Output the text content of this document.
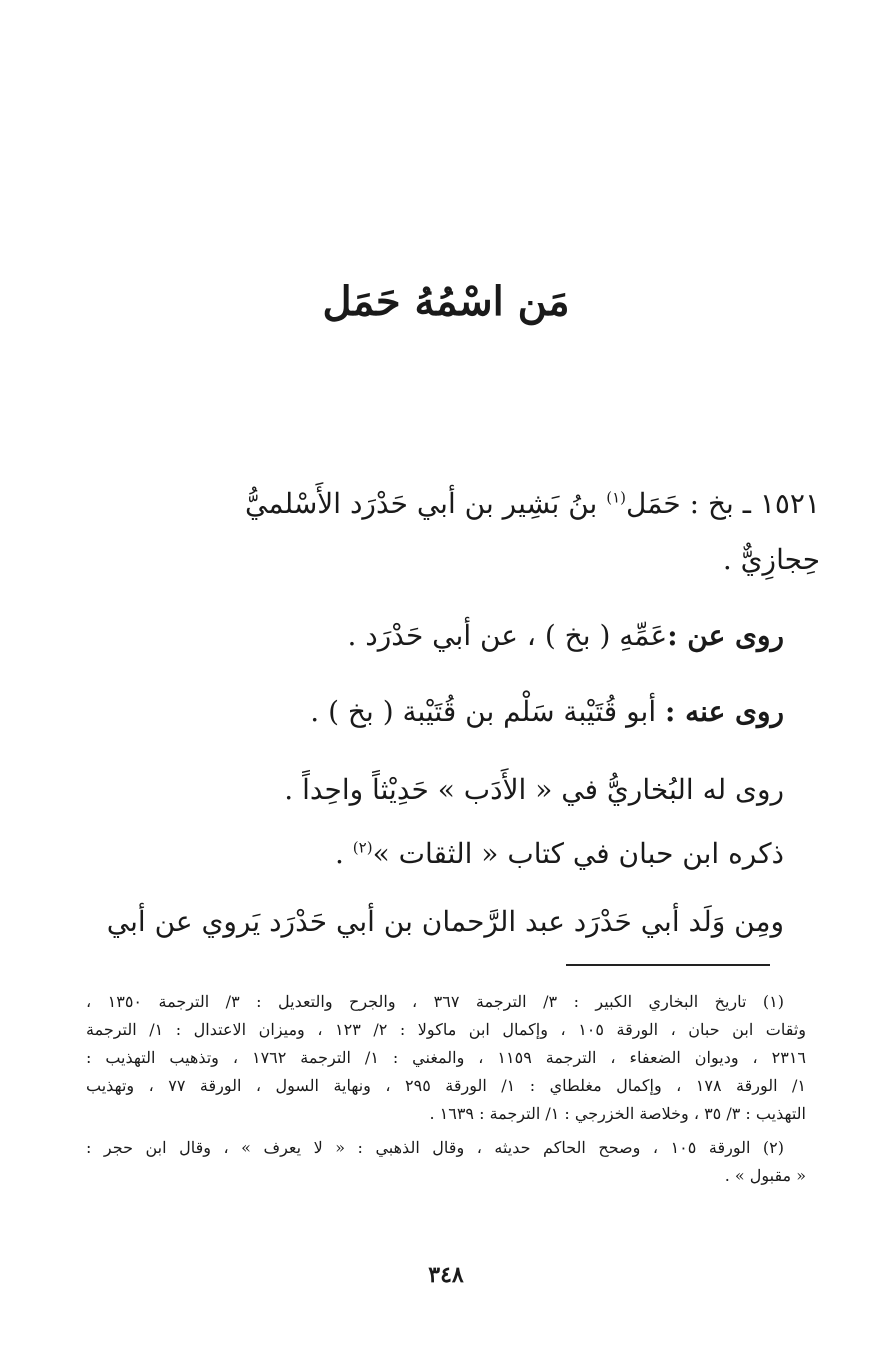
مَن اسْمُهُ حَمَل
١٥٢١ ـ بخ : حَمَل$^{(١)}$ بنُ بَشِير بن أبي حَدْرَد الأَسْلميُّ
حِجازِيٌّ .
روى عن :عَمِّهِ ( بخ ) ، عن أبي حَدْرَد .
روى عنه : أبو قُتَيْبة سَلْم بن قُتَيْبة ( بخ ) .
روى له البُخاريُّ في « الأَدَب » حَدِيْثاً واحِداً .
ذكره ابن حبان في كتاب « الثقات »$^{(٢)}$ .
ومِن وَلَد أبي حَدْرَد عبد الرَّحمان بن أبي حَدْرَد يَروي عن أبي
(١) تاريخ البخاري الكبير : ٣/ الترجمة ٣٦٧ ، والجرح والتعديل : ٣/ الترجمة ١٣٥٠ ،
وثقات ابن حبان ، الورقة ١٠٥ ، وإكمال ابن ماكولا : ٢/ ١٢٣ ، وميزان الاعتدال : ١/ الترجمة
٢٣١٦ ، وديوان الضعفاء ، الترجمة ١١٥٩ ، والمغني : ١/ الترجمة ١٧٦٢ ، وتذهيب التهذيب :
١/ الورقة ١٧٨ ، وإكمال مغلطاي : ١/ الورقة ٢٩٥ ، ونهاية السول ، الورقة ٧٧ ، وتهذيب
التهذيب : ٣/ ٣٥ ، وخلاصة الخزرجي : ١/ الترجمة : ١٦٣٩ .
(٢) الورقة ١٠٥ ، وصحح الحاكم حديثه ، وقال الذهبي : « لا يعرف » ، وقال ابن حجر :
« مقبول » .
٣٤٨
